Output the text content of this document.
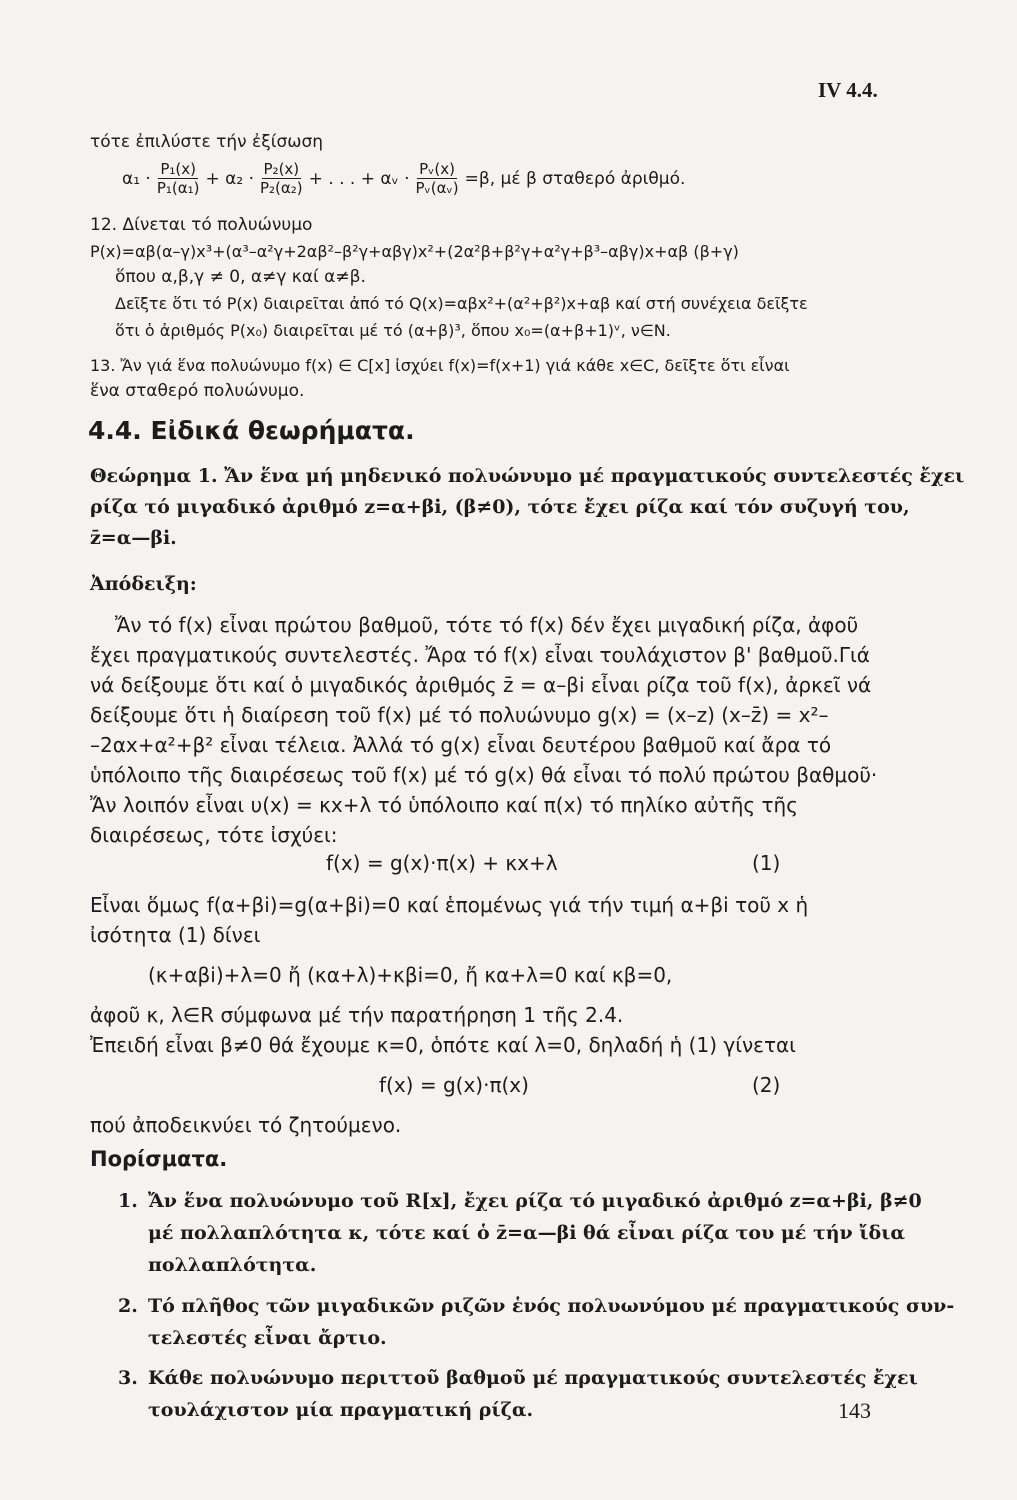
IV 4.4.
τότε ἐπιλύστε τήν ἐξίσωση
$\alpha_1 \cdot \frac{\text{P₁(x)}}{\text{P₁(α₁)}} + \alpha_2 \cdot \frac{\text{P₂(x)}}{\text{P₂(α₂)}}$ + . . . + αᵥ · $\frac{\text{Pᵥ(x)}}{\text{Pᵥ(αᵥ)}} =\beta$, μέ β σταθερό ἀριθμό.
12. Δίνεται τό πολυώνυμο
P(x)=αβ(α–γ)x³+(α³–α²γ+2αβ²–β²γ+αβγ)x²+(2α²β+β²γ+α²γ+β³–αβγ)x+αβ (β+γ)
ὅπου α,β,γ ≠ 0, α≠γ καί α≠β.
Δεῖξτε ὅτι τό P(x) διαιρεῖται ἀπό τό Q(x)=αβx²+(α²+β²)x+αβ καί στή συνέχεια δεῖξτε
ὅτι ὁ ἀριθμός P(x₀) διαιρεῖται μέ τό (α+β)³, ὅπου x₀=(α+β+1)ᵛ, ν∈N.
13. Ἄν γιά ἕνα πολυώνυμο f(x) ∈ C[x] ἰσχύει f(x)=f(x+1) γιά κάθε x∈C, δεῖξτε ὅτι εἶναι
ἕνα σταθερό πολυώνυμο.
4.4. Εἰδικά θεωρήματα.
Θεώρημα 1. Ἄν ἕνα μή μηδενικό πολυώνυμο μέ πραγματικούς συντελεστές ἔχει
ρίζα τό μιγαδικό ἀριθμό z=α+βi, (β≠0), τότε ἔχει ρίζα καί τόν συζυγή του,
z̄=α—βi.
Ἀπόδειξη:
Ἄν τό f(x) εἶναι πρώτου βαθμοῦ, τότε τό f(x) δέν ἔχει μιγαδική ρίζα, ἀφοῦ
ἔχει πραγματικούς συντελεστές. Ἄρα τό f(x) εἶναι τουλάχιστον β' βαθμοῦ.Γιά
νά δείξουμε ὅτι καί ὁ μιγαδικός ἀριθμός z̄ = α–βi εἶναι ρίζα τοῦ f(x), ἀρκεῖ νά
δείξουμε ὅτι ἡ διαίρεση τοῦ f(x) μέ τό πολυώνυμο g(x) = (x–z) (x–z̄) = x²–
–2αx+α²+β² εἶναι τέλεια. Ἀλλά τό g(x) εἶναι δευτέρου βαθμοῦ καί ἄρα τό
ὑπόλοιπο τῆς διαιρέσεως τοῦ f(x) μέ τό g(x) θά εἶναι τό πολύ πρώτου βαθμοῦ·
Ἄν λοιπόν εἶναι υ(x) = κx+λ τό ὑπόλοιπο καί π(x) τό πηλίκο αὐτῆς τῆς
διαιρέσεως, τότε ἰσχύει:
f(x) = g(x)·π(x) + κx+λ	(1)
Εἶναι ὅμως f(α+βi)=g(α+βi)=0 καί ἑπομένως γιά τήν τιμή α+βi τοῦ x ἡ
ἰσότητα (1) δίνει
(κ+αβi)+λ=0 ἤ (κα+λ)+κβi=0, ἤ κα+λ=0 καί κβ=0,
ἀφοῦ κ, λ∈R σύμφωνα μέ τήν παρατήρηση 1 τῆς 2.4.
Ἐπειδή εἶναι β≠0 θά ἔχουμε κ=0, ὁπότε καί λ=0, δηλαδή ἡ (1) γίνεται
f(x) = g(x)·π(x)	(2)
πού ἀποδεικνύει τό ζητούμενο.
Πορίσματα.
1. Ἄν ἕνα πολυώνυμο τοῦ R[x], ἔχει ρίζα τό μιγαδικό ἀριθμό z=α+βi, β≠0
μέ πολλαπλότητα κ, τότε καί ὁ z̄=α—βi θά εἶναι ρίζα του μέ τήν ἴδια
πολλαπλότητα.
2. Τό πλῆθος τῶν μιγαδικῶν ριζῶν ἑνός πολυωνύμου μέ πραγματικούς συν-
τελεστές εἶναι ἄρτιο.
3. Κάθε πολυώνυμο περιττοῦ βαθμοῦ μέ πραγματικούς συντελεστές ἔχει
τουλάχιστον μία πραγματική ρίζα.	143
